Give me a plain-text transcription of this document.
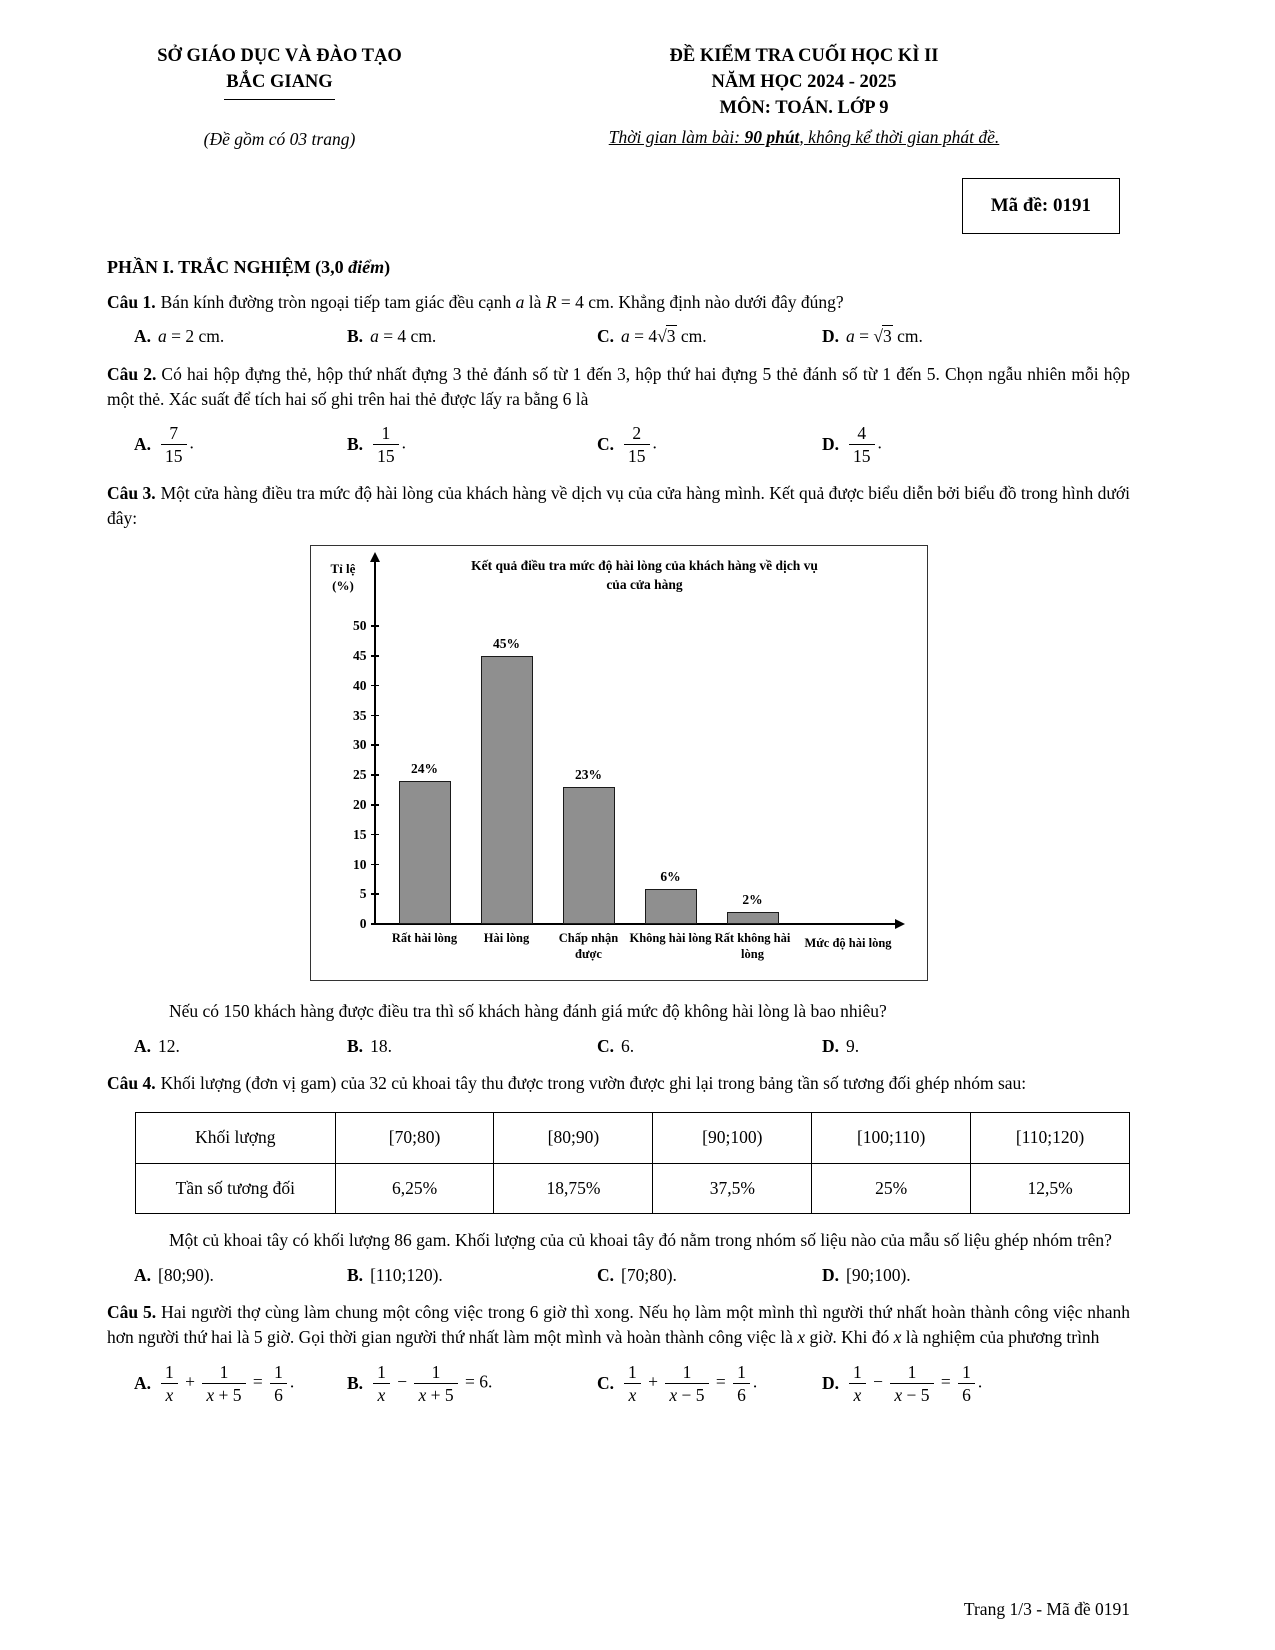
SỞ GIÁO DỤC VÀ ĐÀO TẠO
BẮC GIANG
(Đề gồm có 03 trang)
ĐỀ KIỂM TRA CUỐI HỌC KÌ II
NĂM HỌC 2024 - 2025
MÔN: TOÁN. LỚP 9
Thời gian làm bài: 90 phút, không kể thời gian phát đề.
Mã đề: 0191
PHẦN I. TRẮC NGHIỆM (3,0 điểm)

Câu 1. Bán kính đường tròn ngoại tiếp tam giác đều cạnh a là R = 4 cm. Khẳng định nào dưới đây đúng?

A. a = 2 cm.	B. a = 4 cm.	C. a = 4√3 cm.	D. a = √3 cm.

Câu 2. Có hai hộp đựng thẻ, hộp thứ nhất đựng 3 thẻ đánh số từ 1 đến 3, hộp thứ hai đựng 5 thẻ đánh số từ 1 đến 5. Chọn ngẫu nhiên mỗi hộp một thẻ. Xác suất để tích hai số ghi trên hai thẻ được lấy ra bằng 6 là

A. $\frac{7}{15}$ .	B. $\frac{1}{15}$ .	C. $\frac{2}{15}$ .	D. $\frac{4}{15}$ .

Câu 3. Một cửa hàng điều tra mức độ hài lòng của khách hàng về dịch vụ của cửa hàng mình. Kết quả được biểu diễn bởi biểu đồ trong hình dưới đây:

Kết quả điều tra mức độ hài lòng của khách hàng về dịch vụ
của cửa hàng
Tỉ lệ
(%)
0
5
10
15
20
25
30
35
40
45
50
24%
Rất hài lòng
45%
Hài lòng
23%
Chấp nhận được
6%
Không hài lòng
2%
Rất không hài lòng
Mức độ hài lòng

Nếu có 150 khách hàng được điều tra thì số khách hàng đánh giá mức độ không hài lòng là bao nhiêu?

A. 12.	B. 18.	C. 6.	D. 9.

Câu 4. Khối lượng (đơn vị gam) của 32 củ khoai tây thu được trong vườn được ghi lại trong bảng tần số tương đối ghép nhóm sau:

Khối lượng	[70;80)	[80;90)	[90;100)	[100;110)	[110;120)
Tần số tương đối	6,25%	18,75%	37,5%	25%	12,5%

Một củ khoai tây có khối lượng 86 gam. Khối lượng của củ khoai tây đó nằm trong nhóm số liệu nào của mẫu số liệu ghép nhóm trên?

A. [80;90).	B. [110;120).	C. [70;80).	D. [90;100).

Câu 5. Hai người thợ cùng làm chung một công việc trong 6 giờ thì xong. Nếu họ làm một mình thì người thứ nhất hoàn thành công việc nhanh hơn người thứ hai là 5 giờ. Gọi thời gian người thứ nhất làm một mình và hoàn thành công việc là x giờ. Khi đó x là nghiệm của phương trình

A. $\frac{1}{x} + \frac{1}{x + 5} = \frac{1}{6}$ .	B. $\frac{1}{x} - \frac{1}{x + 5} = 6$.	C. $\frac{1}{x} + \frac{1}{x - 5} = \frac{1}{6}$ .	D. $\frac{1}{x} - \frac{1}{x - 5} = \frac{1}{6}$ .
Trang 1/3 - Mã đề 0191
